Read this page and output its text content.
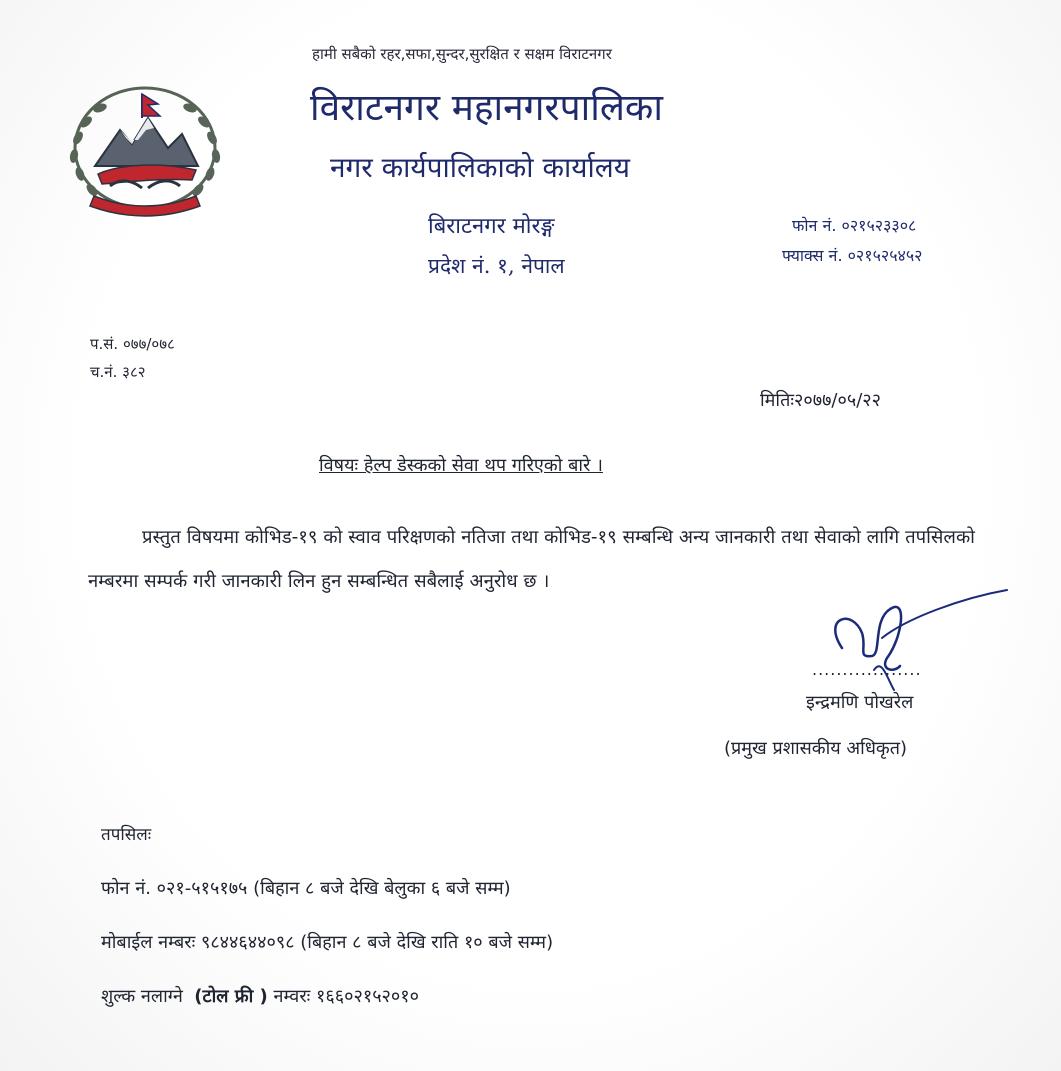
हामी सबैको रहर,सफा,सुन्दर,सुरक्षित र सक्षम विराटनगर
विराटनगर महानगरपालिका
नगर कार्यपालिकाको कार्यालय
बिराटनगर मोरङ्ग
प्रदेश नं. १, नेपाल
फोन नं. ०२१५२३३०८
फ्याक्स नं. ०२१५२५४५२
प.सं. ०७७/०७८
च.नं. ३८२
मितिः२०७७/०५/२२
विषयः हेल्प डेस्कको सेवा थप गरिएको बारे ।
प्रस्तुत विषयमा कोभिड-१९ को स्वाव परिक्षणको नतिजा तथा कोभिड-१९ सम्बन्धि अन्य जानकारी तथा सेवाको लागि तपसिलको नम्बरमा सम्पर्क गरी जानकारी लिन हुन सम्बन्धित सबैलाई अनुरोध छ ।
..................
इन्द्रमणि पोखरेल
(प्रमुख प्रशासकीय अधिकृत)
तपसिलः
फोन नं. ०२१-५१५१७५ (बिहान ८ बजे देखि बेलुका ६ बजे सम्म)
मोबाईल नम्बरः ९८४४६४४०९८ (बिहान ८ बजे देखि राति १० बजे सम्म)
शुल्क नलाग्ने (टोल फ्री ) नम्वरः १६६०२१५२०१०
